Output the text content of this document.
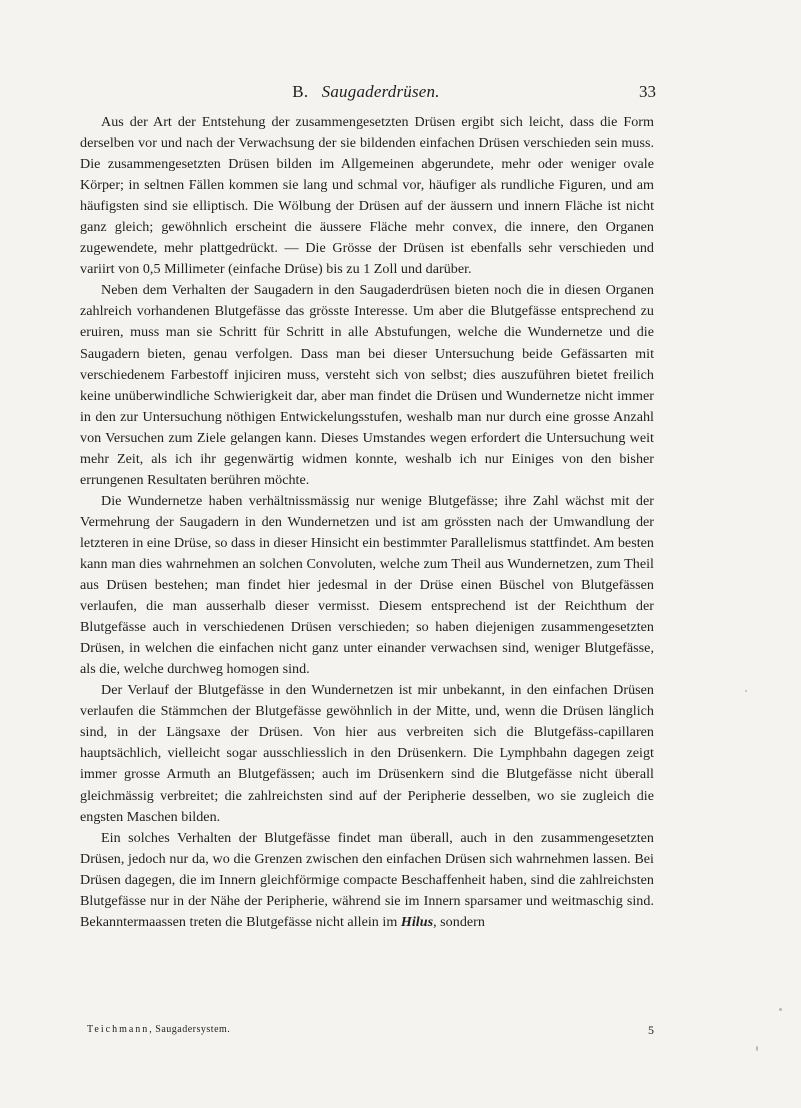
B. Saugaderdrüsen.	33

Aus der Art der Entstehung der zusammengesetzten Drüsen ergibt sich leicht, dass die Form derselben vor und nach der Verwachsung der sie bildenden einfachen Drüsen verschieden sein muss. Die zusammengesetzten Drüsen bilden im Allgemeinen abgerundete, mehr oder weniger ovale Körper; in seltnen Fällen kommen sie lang und schmal vor, häufiger als rundliche Figuren, und am häufigsten sind sie elliptisch. Die Wölbung der Drüsen auf der äussern und innern Fläche ist nicht ganz gleich; gewöhnlich erscheint die äussere Fläche mehr convex, die innere, den Organen zugewendete, mehr plattgedrückt. — Die Grösse der Drüsen ist ebenfalls sehr verschieden und variirt von 0,5 Millimeter (einfache Drüse) bis zu 1 Zoll und darüber.

Neben dem Verhalten der Saugadern in den Saugaderdrüsen bieten noch die in diesen Organen zahlreich vorhandenen Blutgefässe das grösste Interesse. Um aber die Blutgefässe entsprechend zu eruiren, muss man sie Schritt für Schritt in alle Abstufungen, welche die Wundernetze und die Saugadern bieten, genau verfolgen. Dass man bei dieser Untersuchung beide Gefässarten mit verschiedenem Farbestoff injiciren muss, versteht sich von selbst; dies auszuführen bietet freilich keine unüberwindliche Schwierigkeit dar, aber man findet die Drüsen und Wundernetze nicht immer in den zur Untersuchung nöthigen Entwickelungsstufen, weshalb man nur durch eine grosse Anzahl von Versuchen zum Ziele gelangen kann. Dieses Umstandes wegen erfordert die Untersuchung weit mehr Zeit, als ich ihr gegenwärtig widmen konnte, weshalb ich nur Einiges von den bisher errungenen Resultaten berühren möchte.

Die Wundernetze haben verhältnissmässig nur wenige Blutgefässe; ihre Zahl wächst mit der Vermehrung der Saugadern in den Wundernetzen und ist am grössten nach der Umwandlung der letzteren in eine Drüse, so dass in dieser Hinsicht ein bestimmter Parallelismus stattfindet. Am besten kann man dies wahrnehmen an solchen Convoluten, welche zum Theil aus Wundernetzen, zum Theil aus Drüsen bestehen; man findet hier jedesmal in der Drüse einen Büschel von Blutgefässen verlaufen, die man ausserhalb dieser vermisst. Diesem entsprechend ist der Reichthum der Blutgefässe auch in verschiedenen Drüsen verschieden; so haben diejenigen zusammengesetzten Drüsen, in welchen die einfachen nicht ganz unter einander verwachsen sind, weniger Blutgefässe, als die, welche durchweg homogen sind.

Der Verlauf der Blutgefässe in den Wundernetzen ist mir unbekannt, in den einfachen Drüsen verlaufen die Stämmchen der Blutgefässe gewöhnlich in der Mitte, und, wenn die Drüsen länglich sind, in der Längsaxe der Drüsen. Von hier aus verbreiten sich die Blutgefäss-capillaren hauptsächlich, vielleicht sogar ausschliesslich in den Drüsenkern. Die Lymphbahn dagegen zeigt immer grosse Armuth an Blutgefässen; auch im Drüsenkern sind die Blutgefässe nicht überall gleichmässig verbreitet; die zahlreichsten sind auf der Peripherie desselben, wo sie zugleich die engsten Maschen bilden.

Ein solches Verhalten der Blutgefässe findet man überall, auch in den zusammengesetzten Drüsen, jedoch nur da, wo die Grenzen zwischen den einfachen Drüsen sich wahrnehmen lassen. Bei Drüsen dagegen, die im Innern gleichförmige compacte Beschaffenheit haben, sind die zahlreichsten Blutgefässe nur in der Nähe der Peripherie, während sie im Innern sparsamer und weitmaschig sind. Bekanntermaassen treten die Blutgefässe nicht allein im Hilus, sondern

Teichmann, Saugadersystem.	5
